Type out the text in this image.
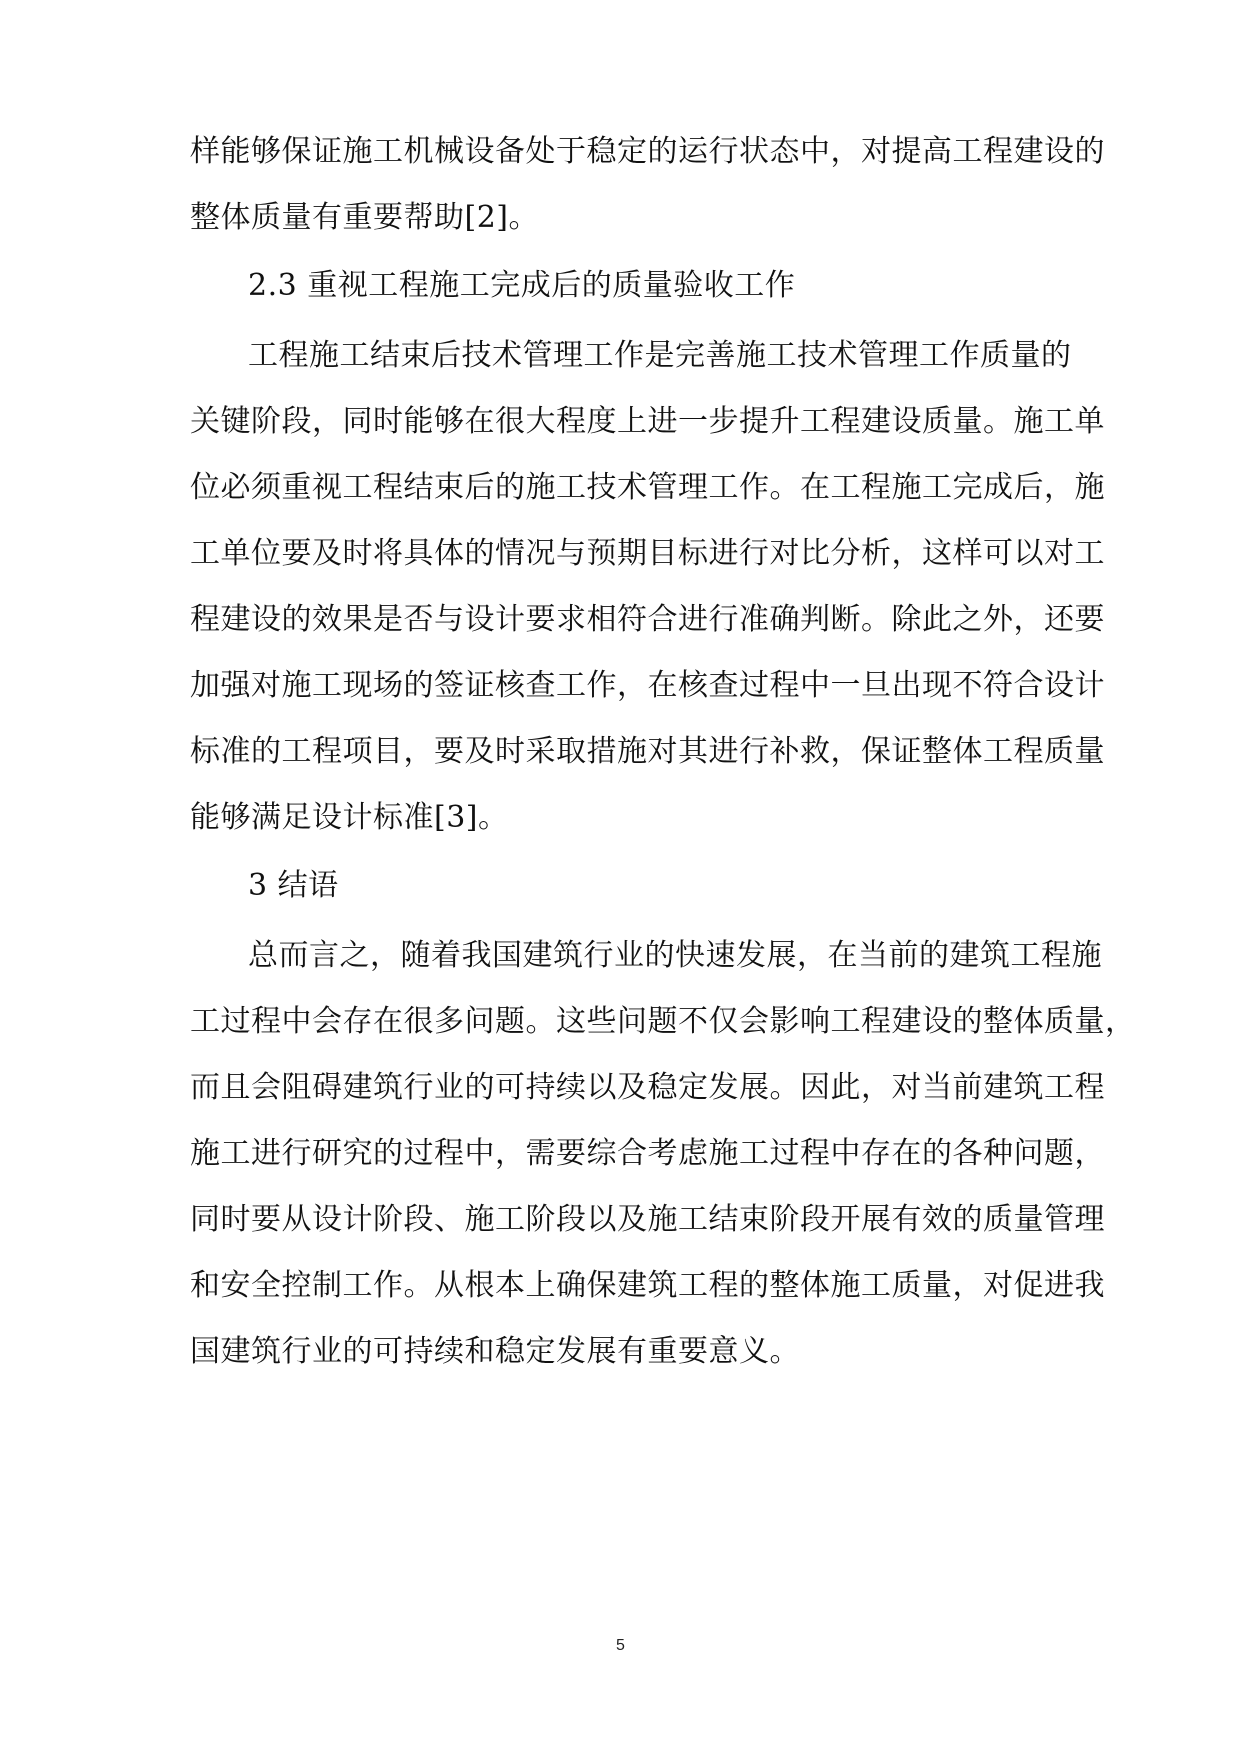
样能够保证施工机械设备处于稳定的运行状态中，对提高工程建设的
整体质量有重要帮助[2]。
2.3 重视工程施工完成后的质量验收工作
工程施工结束后技术管理工作是完善施工技术管理工作质量的
关键阶段，同时能够在很大程度上进一步提升工程建设质量。施工单
位必须重视工程结束后的施工技术管理工作。在工程施工完成后，施
工单位要及时将具体的情况与预期目标进行对比分析，这样可以对工
程建设的效果是否与设计要求相符合进行准确判断。除此之外，还要
加强对施工现场的签证核查工作，在核查过程中一旦出现不符合设计
标准的工程项目，要及时采取措施对其进行补救，保证整体工程质量
能够满足设计标准[3]。
3 结语
总而言之，随着我国建筑行业的快速发展，在当前的建筑工程施
工过程中会存在很多问题。这些问题不仅会影响工程建设的整体质量，
而且会阻碍建筑行业的可持续以及稳定发展。因此，对当前建筑工程
施工进行研究的过程中，需要综合考虑施工过程中存在的各种问题，
同时要从设计阶段、施工阶段以及施工结束阶段开展有效的质量管理
和安全控制工作。从根本上确保建筑工程的整体施工质量，对促进我
国建筑行业的可持续和稳定发展有重要意义。
5
